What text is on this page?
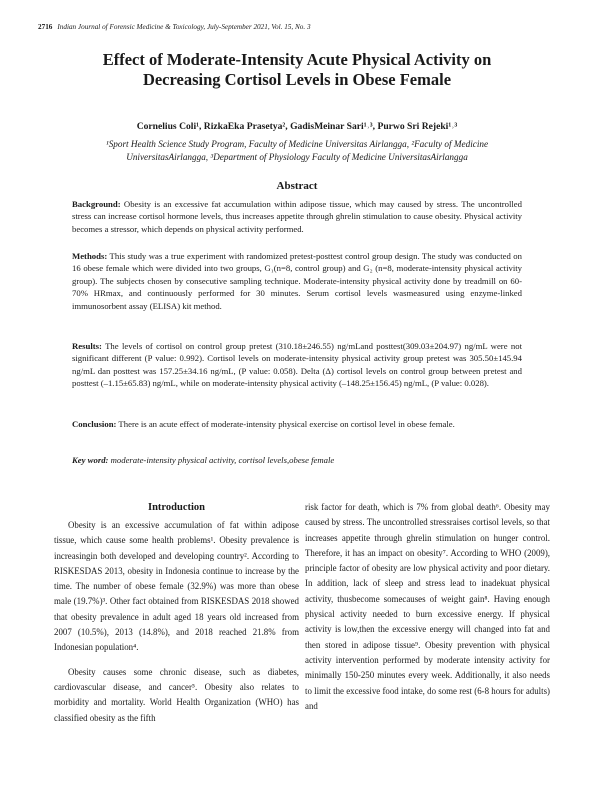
2716 Indian Journal of Forensic Medicine & Toxicology, July-September 2021, Vol. 15, No. 3
Effect of Moderate-Intensity Acute Physical Activity on
Decreasing Cortisol Levels in Obese Female
Cornelius Coli¹, RizkaEka Prasetya², GadisMeinar Sari¹˒³, Purwo Sri Rejeki¹˒³
¹Sport Health Science Study Program, Faculty of Medicine Universitas Airlangga, ²Faculty of Medicine
UniversitasAirlangga, ³Department of Physiology Faculty of Medicine UniversitasAirlangga
Abstract
Background: Obesity is an excessive fat accumulation within adipose tissue, which may caused by stress. The uncontrolled stress can increase cortisol hormone levels, thus increases appetite through ghrelin stimulation to cause obesity. Physical activity becomes a stressor, which depends on physical activity performed.
Methods: This study was a true experiment with randomized pretest-posttest control group design. The study was conducted on 16 obese female which were divided into two groups, G₁(n=8, control group) and G₂ (n=8, moderate-intensity physical activity group). The subjects chosen by consecutive sampling technique. Moderate-intensity physical activity done by treadmill on 60-70% HRmax, and continuously performed for 30 minutes. Serum cortisol levels wasmeasured using enzyme-linked immunosorbent assay (ELISA) kit method.
Results: The levels of cortisol on control group pretest (310.18±246.55) ng/mLand posttest(309.03±204.97) ng/mL were not significant different (P value: 0.992). Cortisol levels on moderate-intensity physical activity group pretest was 305.50±145.94 ng/mL dan posttest was 157.25±34.16 ng/mL, (P value: 0.058). Delta (Δ) cortisol levels on control group between pretest and posttest (–1.15±65.83) ng/mL, while on moderate-intensity physical activity (–148.25±156.45) ng/mL, (P value: 0.028).
Conclusion: There is an acute effect of moderate-intensity physical exercise on cortisol level in obese female.
Key word: moderate-intensity physical activity, cortisol levels,obese female
Introduction

Obesity is an excessive accumulation of fat within adipose tissue, which cause some health problems¹. Obesity prevalence is increasingin both developed and developing country². According to RISKESDAS 2013, obesity in Indonesia continue to increase by the time. The number of obese female (32.9%) was more than obese male (19.7%)³. Other fact obtained from RISKESDAS 2018 showed that obesity prevalence in adult aged 18 years old increased from 2007 (10.5%), 2013 (14.8%), and 2018 reached 21.8% from Indonesian population⁴.

Obesity causes some chronic disease, such as diabetes, cardiovascular disease, and cancer⁵. Obesity also relates to morbidity and mortality. World Health Organization (WHO) has classified obesity as the fifth

risk factor for death, which is 7% from global death⁶. Obesity may caused by stress. The uncontrolled stressraises cortisol levels, so that increases appetite through ghrelin stimulation on hunger control. Therefore, it has an impact on obesity⁷. According to WHO (2009), principle factor of obesity are low physical activity and poor dietary. In addition, lack of sleep and stress lead to inadekuat physical activity, thusbecome somecauses of weight gain⁸. Having enough physical activity needed to burn excessive energy. If physical activity is low,then the excessive energy will changed into fat and then stored in adipose tissue⁹. Obesity prevention with physical activity intervention performed by moderate intensity activity for minimally 150-250 minutes every week. Additionally, it also needs to limit the excessive food intake, do some rest (6-8 hours for adults) and
